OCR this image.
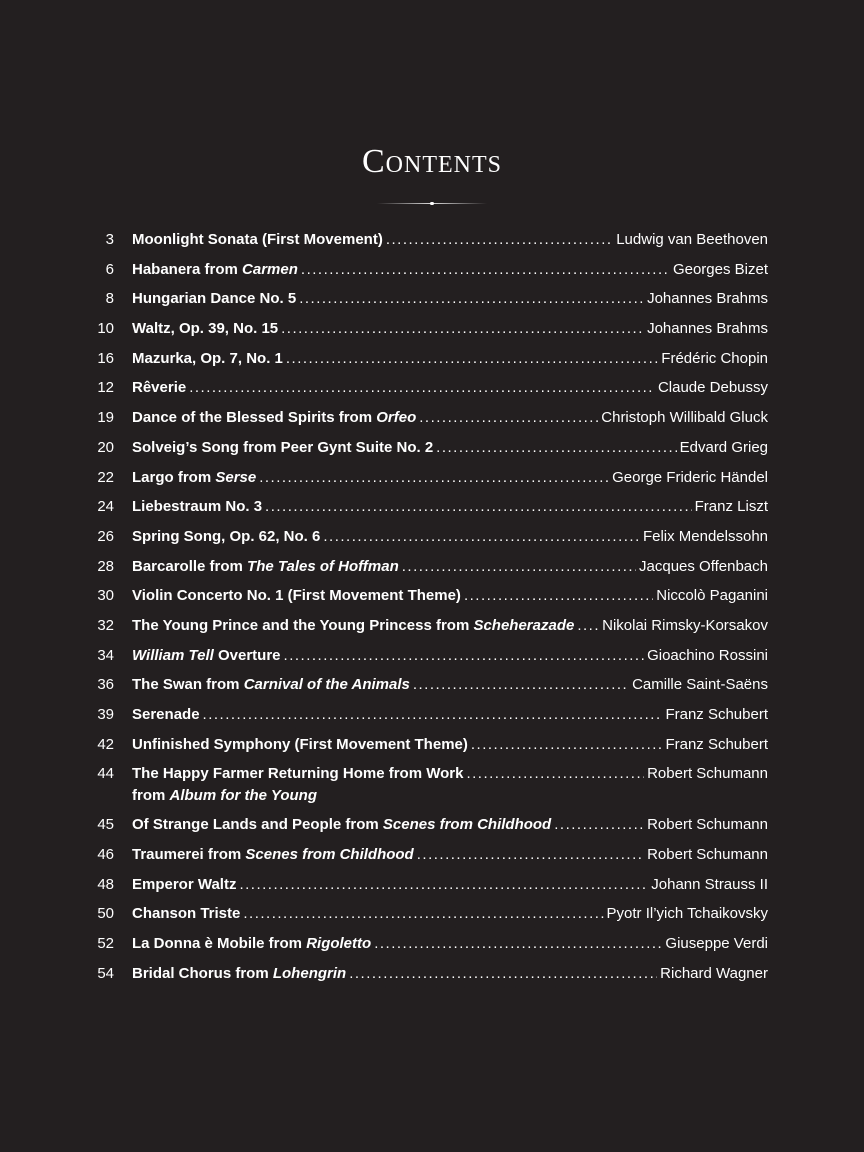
Contents
3 Moonlight Sonata (First Movement) .....	Ludwig van Beethoven
6 Habanera from Carmen .....	Georges Bizet
8 Hungarian Dance No. 5 .....	Johannes Brahms
10 Waltz, Op. 39, No. 15 .....	Johannes Brahms
16 Mazurka, Op. 7, No. 1 .....	Frédéric Chopin
12 Rêverie .....	Claude Debussy
19 Dance of the Blessed Spirits from Orfeo .....	Christoph Willibald Gluck
20 Solveig’s Song from Peer Gynt Suite No. 2 .....	Edvard Grieg
22 Largo from Serse .....	George Frideric Händel
24 Liebestraum No. 3 .....	Franz Liszt
26 Spring Song, Op. 62, No. 6 .....	Felix Mendelssohn
28 Barcarolle from The Tales of Hoffman .....	Jacques Offenbach
30 Violin Concerto No. 1 (First Movement Theme) .....	Niccolò Paganini
32 The Young Prince and the Young Princess from Scheherazade ..... Nikolai Rimsky-Korsakov
34 William Tell Overture .....	Gioachino Rossini
36 The Swan from Carnival of the Animals .....	Camille Saint-Saëns
39 Serenade .....	Franz Schubert
42 Unfinished Symphony (First Movement Theme) .....	Franz Schubert
44 The Happy Farmer Returning Home from Work .....	Robert Schumann
from Album for the Young
45 Of Strange Lands and People from Scenes from Childhood .....	Robert Schumann
46 Traumerei from Scenes from Childhood .....	Robert Schumann
48 Emperor Waltz .....	Johann Strauss II
50 Chanson Triste .....	Pyotr Il’yich Tchaikovsky
52 La Donna è Mobile from Rigoletto .....	Giuseppe Verdi
54 Bridal Chorus from Lohengrin .....	Richard Wagner
